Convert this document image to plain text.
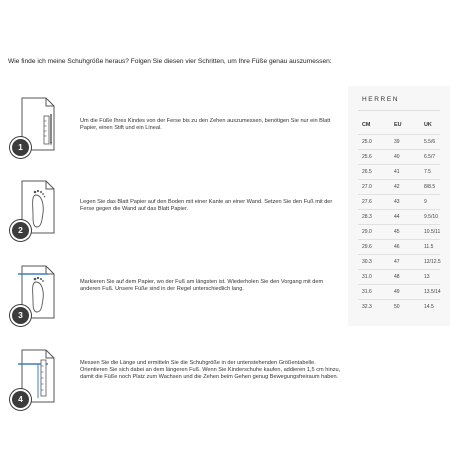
Wie finde ich meine Schuhgröße heraus? Folgen Sie diesen vier Schritten, um Ihre Füße genau auszumessen:
1
Um die Füße Ihres Kindes von der Ferse bis zu den Zehen auszumessen, benötigen Sie nur ein Blatt Papier, einen Stift und ein Lineal.
2
Legen Sie das Blatt Papier auf den Boden mit einer Kante an einer Wand. Setzen Sie den Fuß mit der Ferse gegen die Wand auf das Blatt Papier.
3
Markieren Sie auf dem Papier, wo der Fuß am längsten ist. Wiederholen Sie den Vorgang mit dem anderen Fuß. Unsere Füße sind in der Regel unterschiedlich lang.
4
Messen Sie die Länge und ermitteln Sie die Schuhgröße in der untenstehenden Größentabelle. Orientieren Sie sich dabei an dem längeren Fuß. Wenn Sie Kinderschuhe kaufen, addieren 1,5 cm hinzu, damit die Füße noch Platz zum Wachsen und die Zehen beim Gehen genug Bewegungsfreiraum haben.
HERREN
CM	EU	UK
25.0	39	5.5/6
25.6	40	6.5/7
26.5	41	7.5
27.0	42	8/8.5
27.6	43	9
28.3	44	9.5/10
29.0	45	10.5/11
29.6	46	11.5
30.3	47	12/12.5
31.0	48	13
31.6	49	13.5/14
32.3	50	14.5
